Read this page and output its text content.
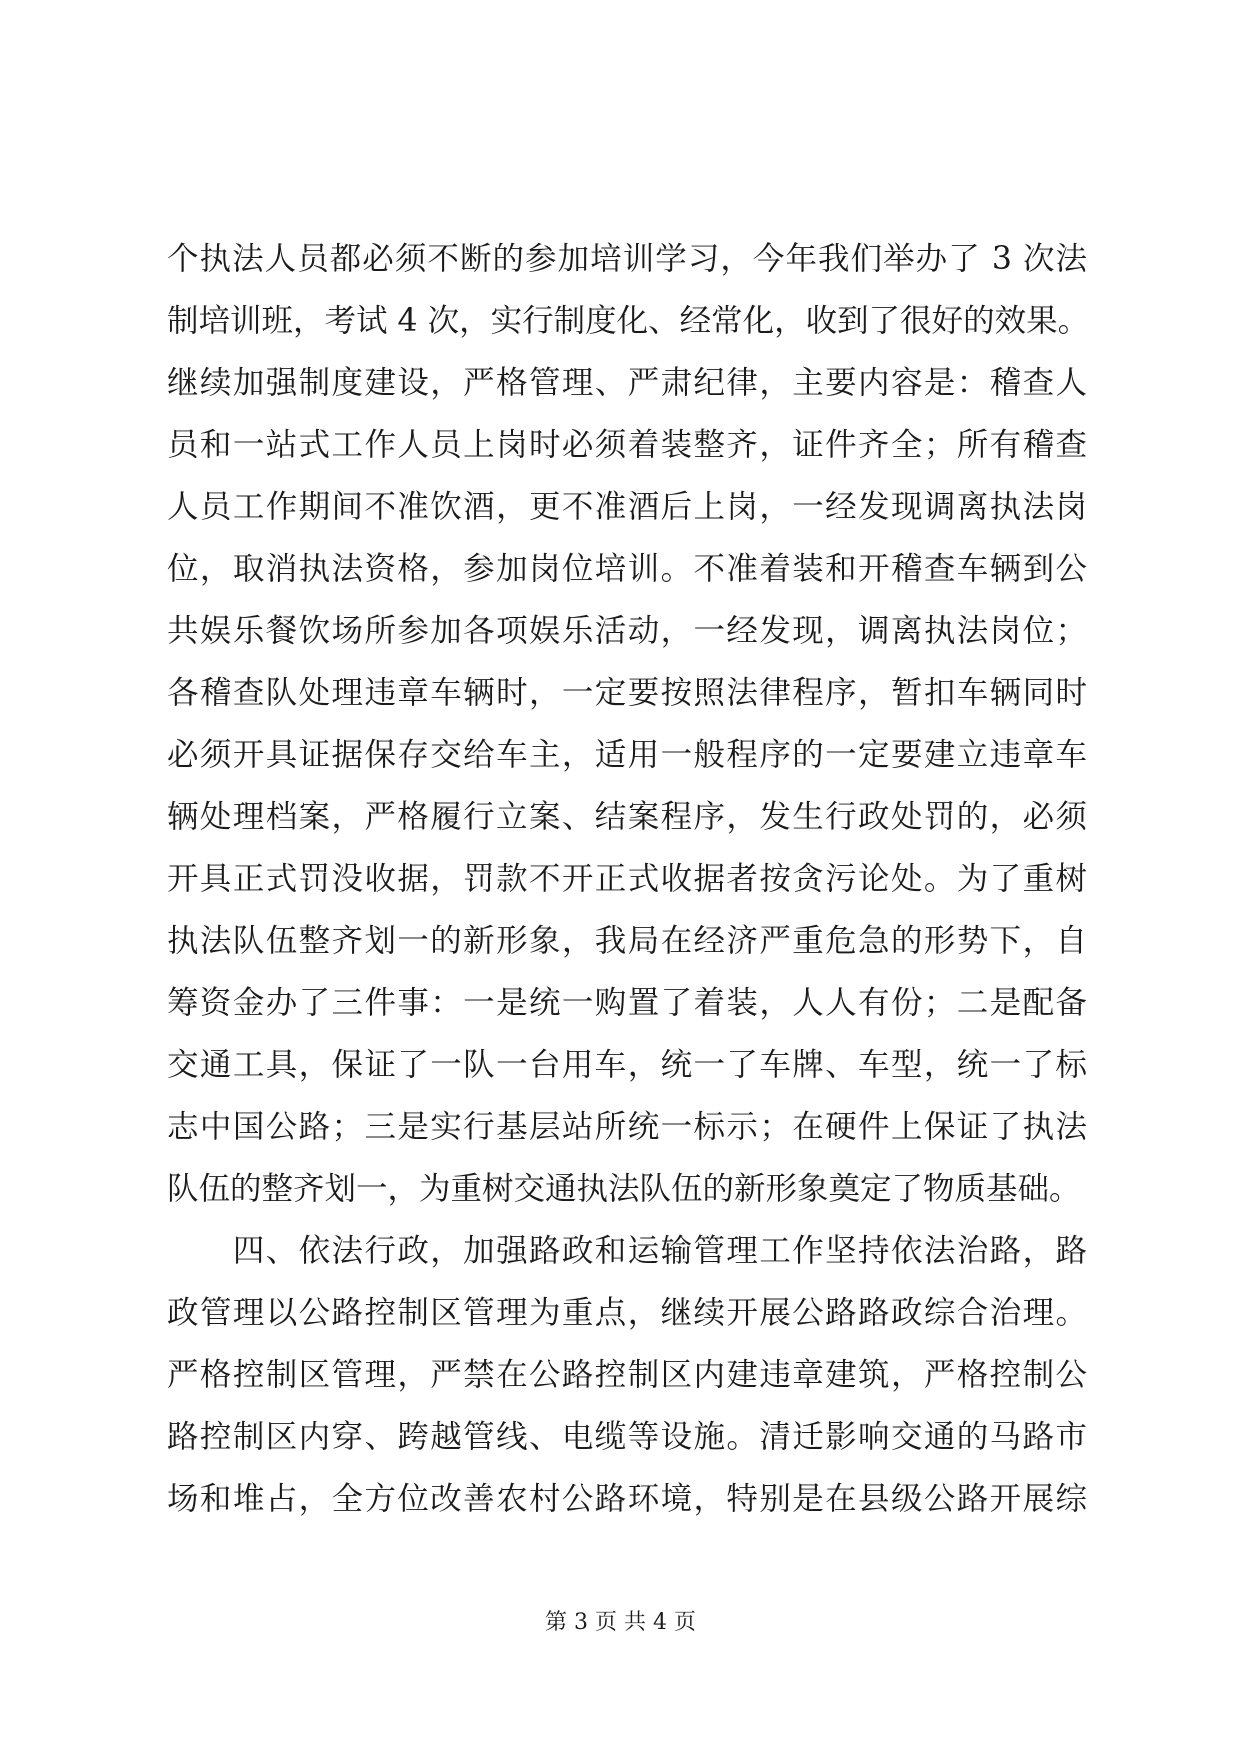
个执法人员都必须不断的参加培训学习，今年我们举办了 3 次法
制培训班，考试 4 次，实行制度化、经常化，收到了很好的效果。
继续加强制度建设，严格管理、严肃纪律，主要内容是：稽查人
员和一站式工作人员上岗时必须着装整齐，证件齐全；所有稽查
人员工作期间不准饮酒，更不准酒后上岗，一经发现调离执法岗
位，取消执法资格，参加岗位培训。不准着装和开稽查车辆到公
共娱乐餐饮场所参加各项娱乐活动，一经发现，调离执法岗位；
各稽查队处理违章车辆时，一定要按照法律程序，暂扣车辆同时
必须开具证据保存交给车主，适用一般程序的一定要建立违章车
辆处理档案，严格履行立案、结案程序，发生行政处罚的，必须
开具正式罚没收据，罚款不开正式收据者按贪污论处。为了重树
执法队伍整齐划一的新形象，我局在经济严重危急的形势下，自
筹资金办了三件事：一是统一购置了着装，人人有份；二是配备
交通工具，保证了一队一台用车，统一了车牌、车型，统一了标
志中国公路；三是实行基层站所统一标示；在硬件上保证了执法
队伍的整齐划一，为重树交通执法队伍的新形象奠定了物质基础。
　　四、依法行政，加强路政和运输管理工作坚持依法治路，路
政管理以公路控制区管理为重点，继续开展公路路政综合治理。
严格控制区管理，严禁在公路控制区内建违章建筑，严格控制公
路控制区内穿、跨越管线、电缆等设施。清迁影响交通的马路市
场和堆占，全方位改善农村公路环境，特别是在县级公路开展综
第 3 页 共 4 页
